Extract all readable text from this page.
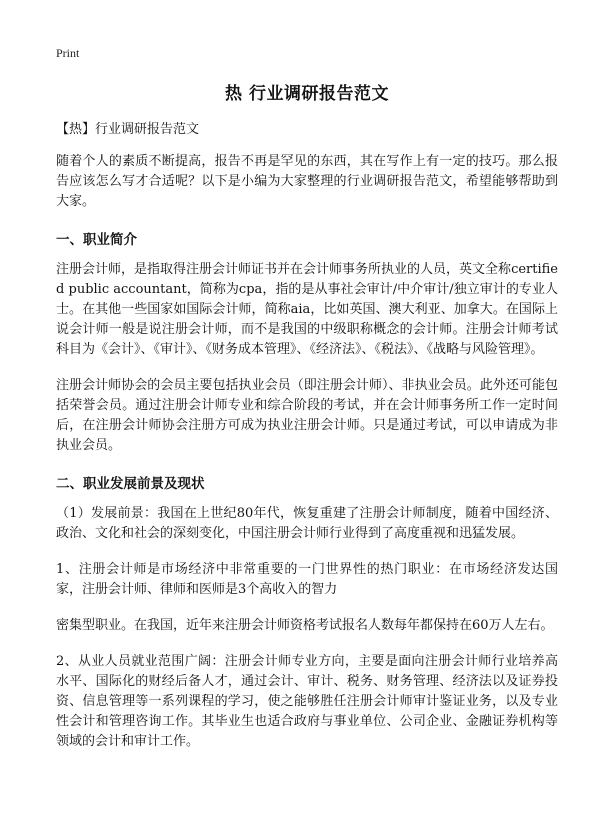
Print
热 行业调研报告范文

【热】行业调研报告范文

随着个人的素质不断提高，报告不再是罕见的东西，其在写作上有一定的技巧。那么报告应该怎么写才合适呢？以下是小编为大家整理的行业调研报告范文，希望能够帮助到大家。

一、职业简介

注册会计师，是指取得注册会计师证书并在会计师事务所执业的人员，英文全称certified public accountant，简称为cpa，指的是从事社会审计/中介审计/独立审计的专业人士。在其他一些国家如国际会计师，简称aia，比如英国、澳大利亚、加拿大。在国际上说会计师一般是说注册会计师，而不是我国的中级职称概念的会计师。注册会计师考试科目为《会计》、《审计》、《财务成本管理》、《经济法》、《税法》、《战略与风险管理》。

注册会计师协会的会员主要包括执业会员（即注册会计师）、非执业会员。此外还可能包括荣誉会员。通过注册会计师专业和综合阶段的考试，并在会计师事务所工作一定时间后，在注册会计师协会注册方可成为执业注册会计师。只是通过考试，可以申请成为非执业会员。

二、职业发展前景及现状

（1）发展前景：我国在上世纪80年代，恢复重建了注册会计师制度，随着中国经济、政治、文化和社会的深刻变化，中国注册会计师行业得到了高度重视和迅猛发展。

1、注册会计师是市场经济中非常重要的一门世界性的热门职业：在市场经济发达国家，注册会计师、律师和医师是3个高收入的智力

密集型职业。在我国，近年来注册会计师资格考试报名人数每年都保持在60万人左右。

2、从业人员就业范围广阔：注册会计师专业方向，主要是面向注册会计师行业培养高水平、国际化的财经后备人才，通过会计、审计、税务、财务管理、经济法以及证券投资、信息管理等一系列课程的学习，使之能够胜任注册会计师审计鉴证业务，以及专业性会计和管理咨询工作。其毕业生也适合政府与事业单位、公司企业、金融证券机构等领域的会计和审计工作。
